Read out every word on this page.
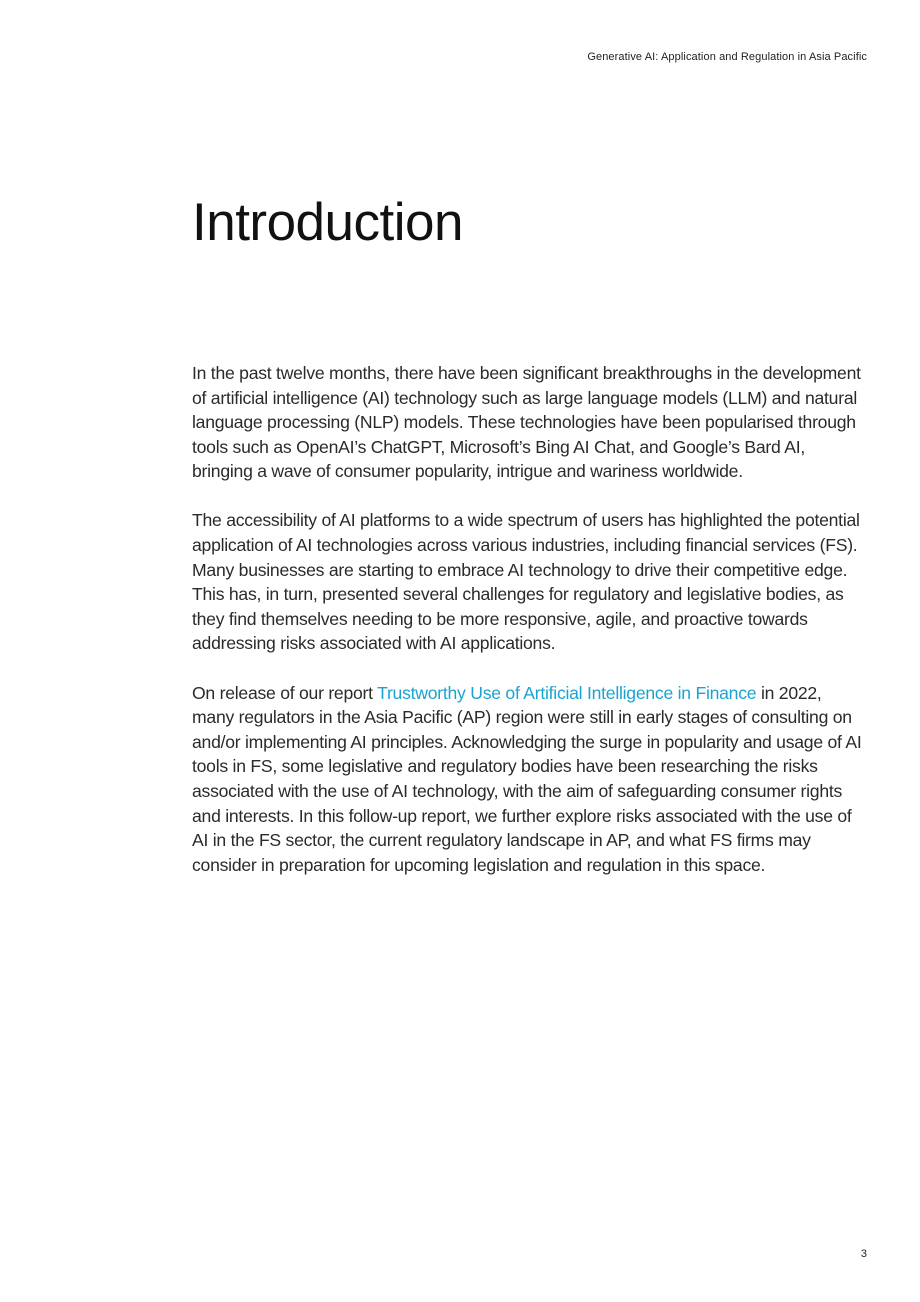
Generative AI: Application and Regulation in Asia Pacific
Introduction

In the past twelve months, there have been significant breakthroughs in the development of artificial intelligence (AI) technology such as large language models (LLM) and natural language processing (NLP) models. These technologies have been popularised through tools such as OpenAI’s ChatGPT, Microsoft’s Bing AI Chat, and Google’s Bard AI, bringing a wave of consumer popularity, intrigue and wariness worldwide.

The accessibility of AI platforms to a wide spectrum of users has highlighted the potential application of AI technologies across various industries, including financial services (FS). Many businesses are starting to embrace AI technology to drive their competitive edge. This has, in turn, presented several challenges for regulatory and legislative bodies, as they find themselves needing to be more responsive, agile, and proactive towards addressing risks associated with AI applications.

On release of our report Trustworthy Use of Artificial Intelligence in Finance in 2022, many regulators in the Asia Pacific (AP) region were still in early stages of consulting on and/or implementing AI principles. Acknowledging the surge in popularity and usage of AI tools in FS, some legislative and regulatory bodies have been researching the risks associated with the use of AI technology, with the aim of safeguarding consumer rights and interests. In this follow-up report, we further explore risks associated with the use of AI in the FS sector, the current regulatory landscape in AP, and what FS firms may consider in preparation for upcoming legislation and regulation in this space.

3
